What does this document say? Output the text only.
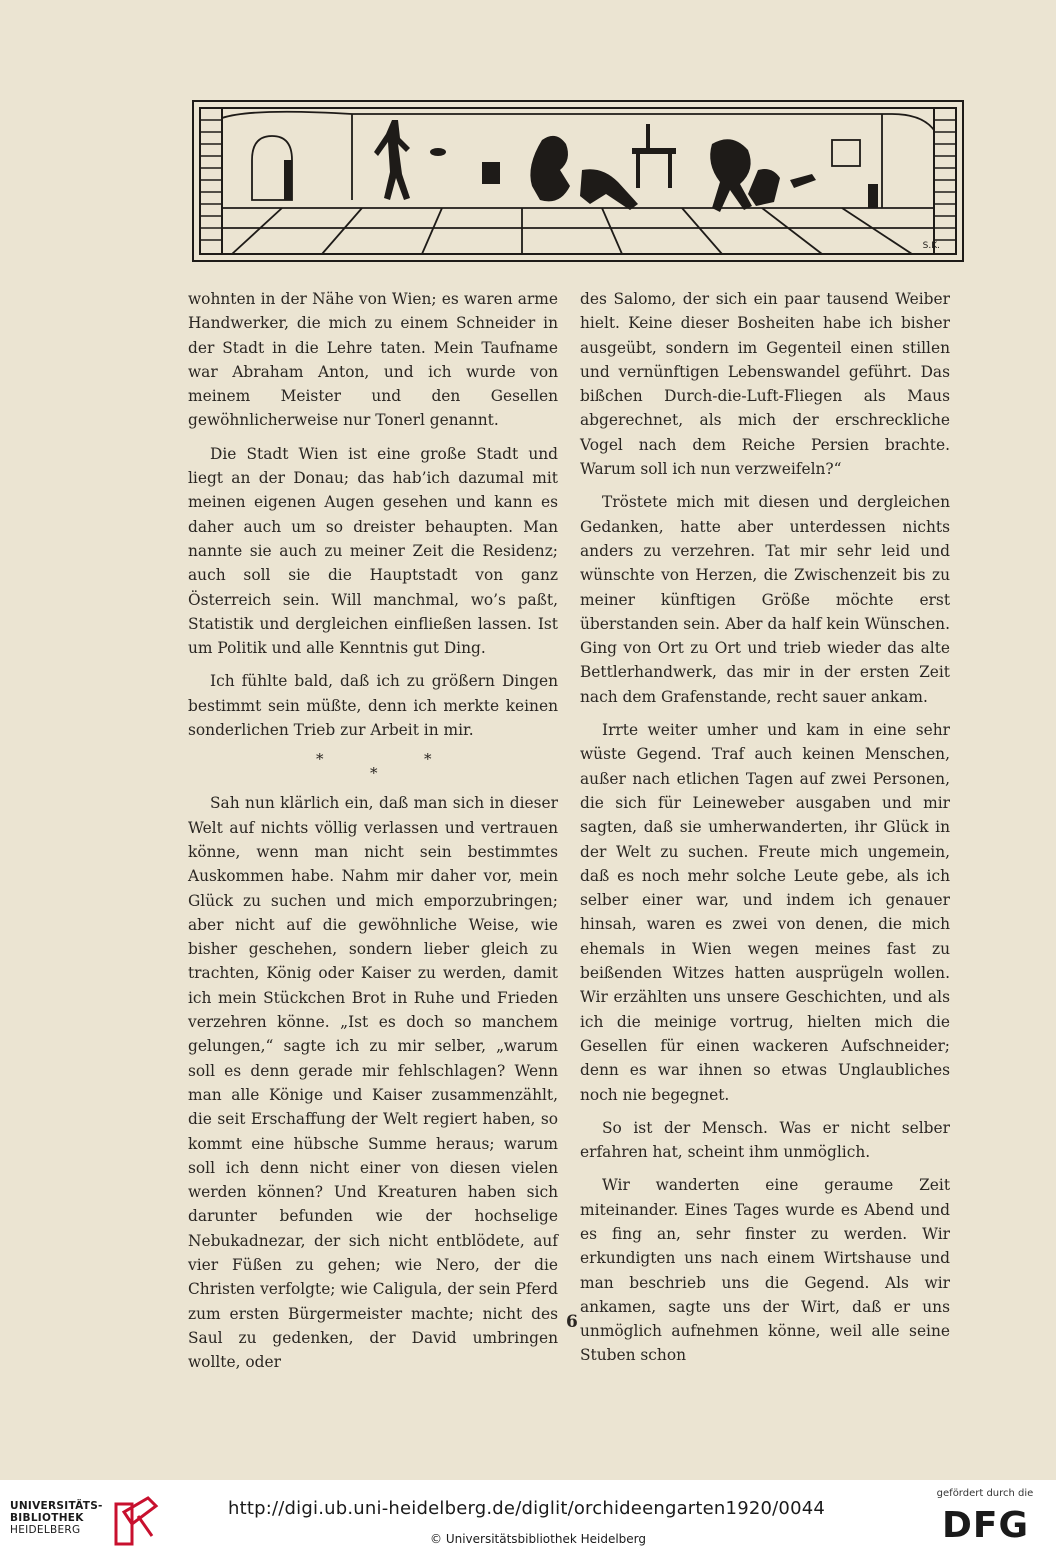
S.K.

wohnten in der Nähe von Wien; es waren arme Handwerker, die mich zu einem Schneider in der Stadt in die Lehre taten. Mein Taufname war Abraham Anton, und ich wurde von meinem Meister und den Gesellen gewöhnlicherweise nur Tonerl genannt.

Die Stadt Wien ist eine große Stadt und liegt an der Donau; das hab’ich dazumal mit meinen eigenen Augen gesehen und kann es daher auch um so dreister behaupten. Man nannte sie auch zu meiner Zeit die Residenz; auch soll sie die Hauptstadt von ganz Österreich sein. Will manchmal, wo’s paßt, Statistik und dergleichen einfließen lassen. Ist um Politik und alle Kenntnis gut Ding.

Ich fühlte bald, daß ich zu größern Dingen bestimmt sein müßte, denn ich merkte keinen sonderlichen Trieb zur Arbeit in mir.

*	*
*

Sah nun klärlich ein, daß man sich in dieser Welt auf nichts völlig verlassen und vertrauen könne, wenn man nicht sein bestimmtes Auskommen habe. Nahm mir daher vor, mein Glück zu suchen und mich emporzubringen; aber nicht auf die gewöhnliche Weise, wie bisher geschehen, sondern lieber gleich zu trachten, König oder Kaiser zu werden, damit ich mein Stückchen Brot in Ruhe und Frieden verzehren könne. „Ist es doch so manchem gelungen,“ sagte ich zu mir selber, „warum soll es denn gerade mir fehlschlagen? Wenn man alle Könige und Kaiser zusammenzählt, die seit Erschaffung der Welt regiert haben, so kommt eine hübsche Summe heraus; warum soll ich denn nicht einer von diesen vielen werden können? Und Kreaturen haben sich darunter befunden wie der hochselige Nebukadnezar, der sich nicht entblödete, auf vier Füßen zu gehen; wie Nero, der die Christen verfolgte; wie Caligula, der sein Pferd zum ersten Bürgermeister machte; nicht des Saul zu gedenken, der David umbringen wollte, oder

des Salomo, der sich ein paar tausend Weiber hielt. Keine dieser Bosheiten habe ich bisher ausgeübt, sondern im Gegenteil einen stillen und vernünftigen Lebenswandel geführt. Das bißchen Durch-die-Luft-Fliegen als Maus abgerechnet, als mich der erschreckliche Vogel nach dem Reiche Persien brachte. Warum soll ich nun verzweifeln?“

Tröstete mich mit diesen und dergleichen Gedanken, hatte aber unterdessen nichts anders zu verzehren. Tat mir sehr leid und wünschte von Herzen, die Zwischenzeit bis zu meiner künftigen Größe möchte erst überstanden sein. Aber da half kein Wünschen. Ging von Ort zu Ort und trieb wieder das alte Bettlerhandwerk, das mir in der ersten Zeit nach dem Grafenstande, recht sauer ankam.

Irrte weiter umher und kam in eine sehr wüste Gegend. Traf auch keinen Menschen, außer nach etlichen Tagen auf zwei Personen, die sich für Leineweber ausgaben und mir sagten, daß sie umherwanderten, ihr Glück in der Welt zu suchen. Freute mich ungemein, daß es noch mehr solche Leute gebe, als ich selber einer war, und indem ich genauer hinsah, waren es zwei von denen, die mich ehemals in Wien wegen meines fast zu beißenden Witzes hatten ausprügeln wollen. Wir erzählten uns unsere Geschichten, und als ich die meinige vortrug, hielten mich die Gesellen für einen wackeren Aufschneider; denn es war ihnen so etwas Unglaubliches noch nie begegnet.

So ist der Mensch. Was er nicht selber erfahren hat, scheint ihm unmöglich.

Wir wanderten eine geraume Zeit miteinander. Eines Tages wurde es Abend und es fing an, sehr finster zu werden. Wir erkundigten uns nach einem Wirtshause und man beschrieb uns die Gegend. Als wir ankamen, sagte uns der Wirt, daß er uns unmöglich aufnehmen könne, weil alle seine Stuben schon

6
UNIVERSITÄTS-
BIBLIOTHEK
HEIDELBERG
http://digi.ub.uni-heidelberg.de/diglit/orchideengarten1920/0044
© Universitätsbibliothek Heidelberg
gefördert durch die
DFG
